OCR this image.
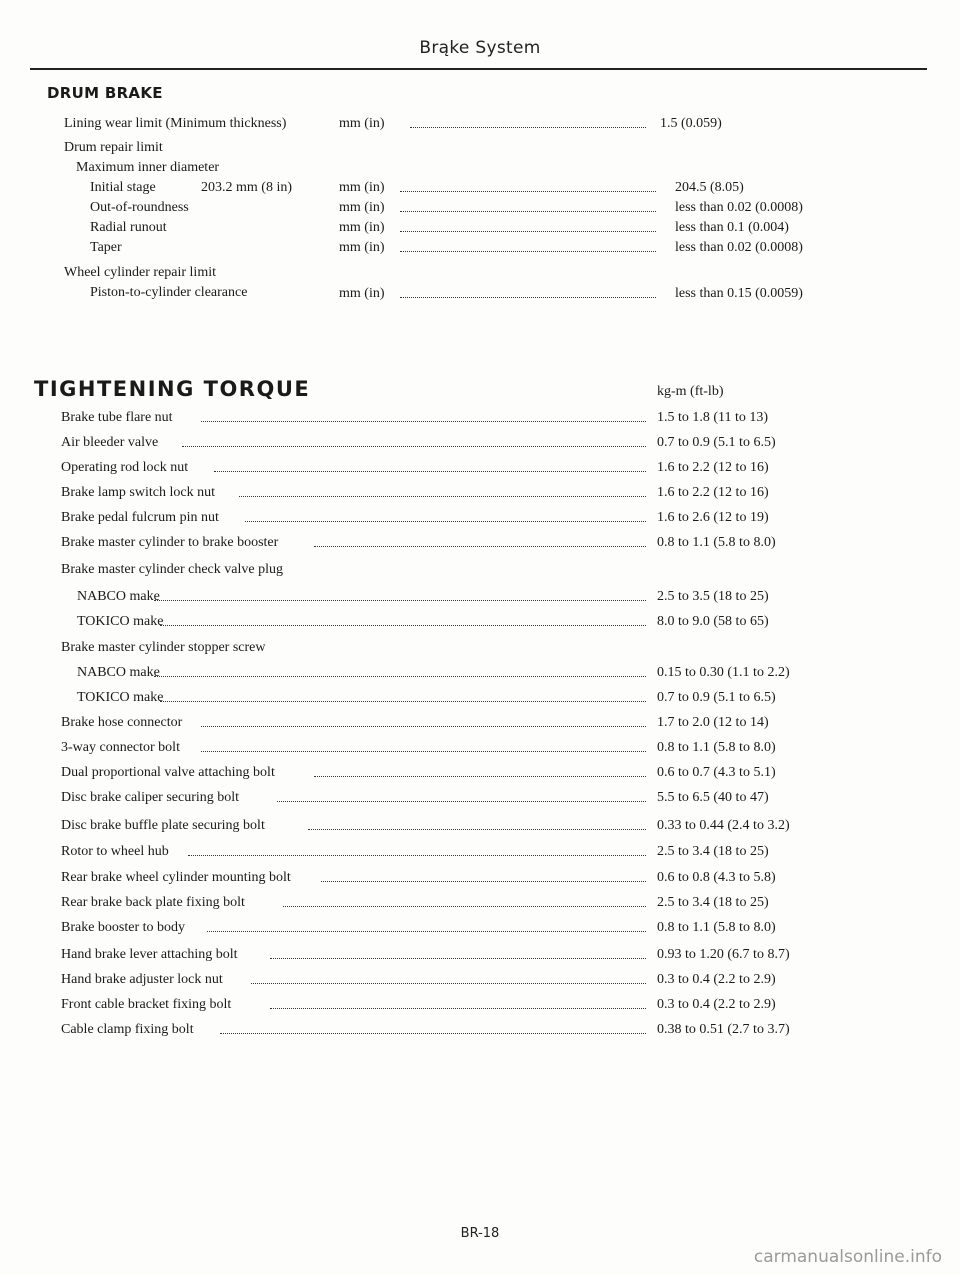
Brąke System
DRUM BRAKE
Lining wear limit (Minimum thickness)	mm (in)	1.5 (0.059)
Drum repair limit
Maximum inner diameter
Initial stage	203.2 mm (8 in)	mm (in)	204.5 (8.05)
Out-of-roundness	mm (in)	less than 0.02 (0.0008)
Radial runout	mm (in)	less than 0.1 (0.004)
Taper	mm (in)	less than 0.02 (0.0008)
Wheel cylinder repair limit
Piston-to-cylinder clearance	mm (in)	less than 0.15 (0.0059)
TIGHTENING TORQUE	kg-m (ft-lb)
Brake tube flare nut	1.5 to 1.8 (11 to 13)
Air bleeder valve	0.7 to 0.9 (5.1 to 6.5)
Operating rod lock nut	1.6 to 2.2 (12 to 16)
Brake lamp switch lock nut	1.6 to 2.2 (12 to 16)
Brake pedal fulcrum pin nut	1.6 to 2.6 (12 to 19)
Brake master cylinder to brake booster	0.8 to 1.1 (5.8 to 8.0)
Brake master cylinder check valve plug
NABCO make	2.5 to 3.5 (18 to 25)
TOKICO make	8.0 to 9.0 (58 to 65)
Brake master cylinder stopper screw
NABCO make	0.15 to 0.30 (1.1 to 2.2)
TOKICO make	0.7 to 0.9 (5.1 to 6.5)
Brake hose connector	1.7 to 2.0 (12 to 14)
3-way connector bolt	0.8 to 1.1 (5.8 to 8.0)
Dual proportional valve attaching bolt	0.6 to 0.7 (4.3 to 5.1)
Disc brake caliper securing bolt	5.5 to 6.5 (40 to 47)
Disc brake buffle plate securing bolt	0.33 to 0.44 (2.4 to 3.2)
Rotor to wheel hub	2.5 to 3.4 (18 to 25)
Rear brake wheel cylinder mounting bolt	0.6 to 0.8 (4.3 to 5.8)
Rear brake back plate fixing bolt	2.5 to 3.4 (18 to 25)
Brake booster to body	0.8 to 1.1 (5.8 to 8.0)
Hand brake lever attaching bolt	0.93 to 1.20 (6.7 to 8.7)
Hand brake adjuster lock nut	0.3 to 0.4 (2.2 to 2.9)
Front cable bracket fixing bolt	0.3 to 0.4 (2.2 to 2.9)
Cable clamp fixing bolt	0.38 to 0.51 (2.7 to 3.7)
BR-18
carmanualsonline.info
